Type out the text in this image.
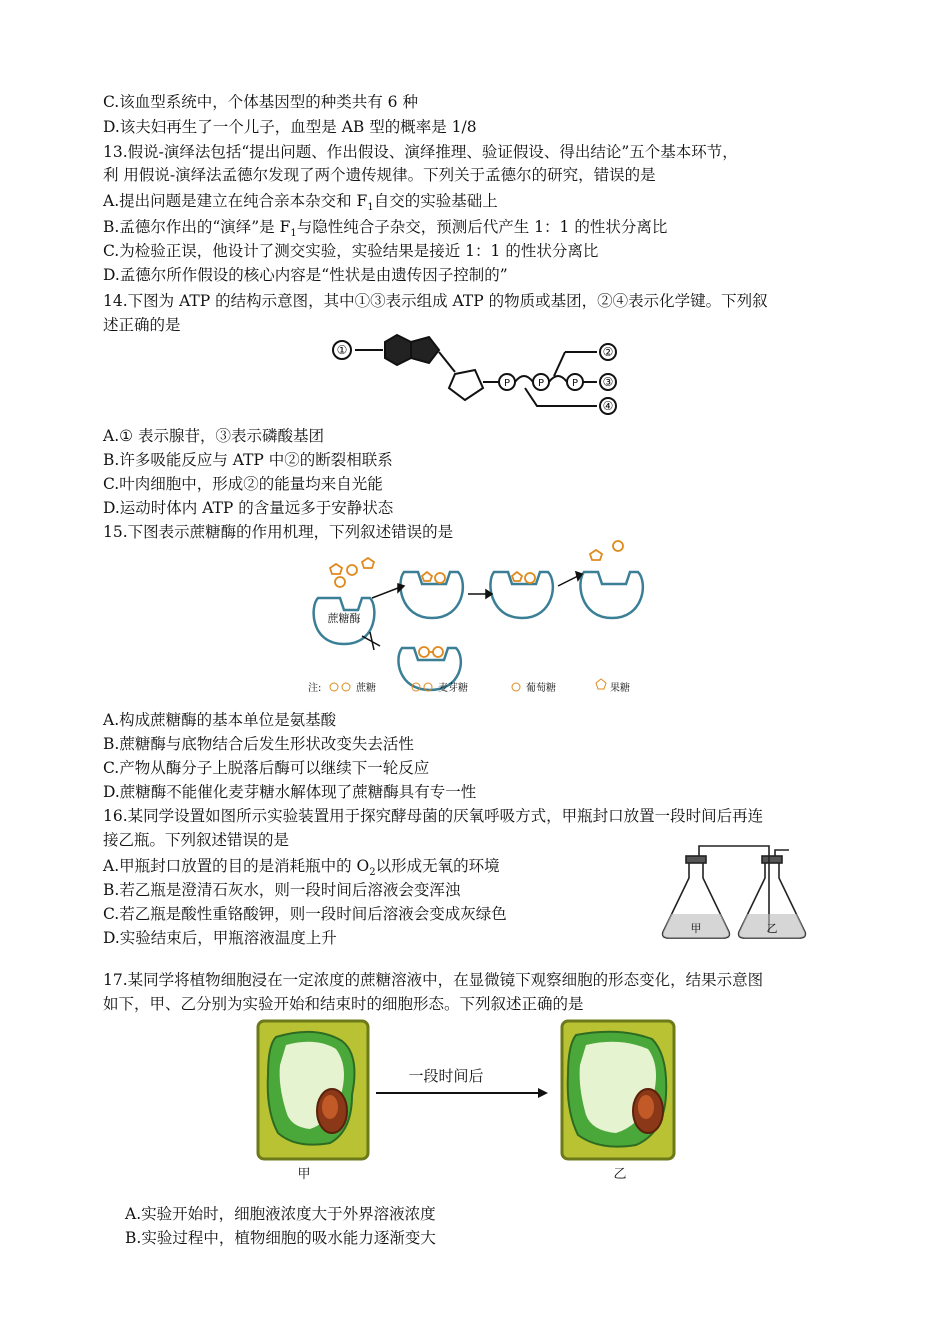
C.该血型系统中，个体基因型的种类共有 6 种
D.该夫妇再生了一个儿子，血型是 AB 型的概率是 1/8
13.假说-演绎法包括“提出问题、作出假设、演绎推理、验证假设、得出结论”五个基本环节，
利 用假说-演绎法孟德尔发现了两个遗传规律。下列关于孟德尔的研究，错误的是
A.提出问题是建立在纯合亲本杂交和 $F_1$自交的实验基础上
B.孟德尔作出的“演绎”是 $F_1$与隐性纯合子杂交，预测后代产生 1：1 的性状分离比
C.为检验正误，他设计了测交实验，实验结果是接近 1：1 的性状分离比
D.孟德尔所作假设的核心内容是“性状是由遗传因子控制的”
14.下图为 ATP 的结构示意图，其中①③表示组成 ATP 的物质或基团，②④表示化学键。下列叙
述正确的是
①
P	P	P
②
③
④
A.① 表示腺苷，③表示磷酸基团
B.许多吸能反应与 ATP 中②的断裂相联系
C.叶肉细胞中，形成②的能量均来自光能
D.运动时体内 ATP 的含量远多于安静状态
15.下图表示蔗糖酶的作用机理，下列叙述错误的是
蔗糖酶
注:	蔗糖	麦芽糖	葡萄糖	果糖
A.构成蔗糖酶的基本单位是氨基酸
B.蔗糖酶与底物结合后发生形状改变失去活性
C.产物从酶分子上脱落后酶可以继续下一轮反应
D.蔗糖酶不能催化麦芽糖水解体现了蔗糖酶具有专一性
16.某同学设置如图所示实验装置用于探究酵母菌的厌氧呼吸方式，甲瓶封口放置一段时间后再连
接乙瓶。下列叙述错误的是
A.甲瓶封口放置的目的是消耗瓶中的 $O_2$以形成无氧的环境
B.若乙瓶是澄清石灰水，则一段时间后溶液会变浑浊
C.若乙瓶是酸性重铬酸钾，则一段时间后溶液会变成灰绿色
D.实验结束后，甲瓶溶液温度上升
甲	乙
17.某同学将植物细胞浸在一定浓度的蔗糖溶液中，在显微镜下观察细胞的形态变化，结果示意图
如下，甲、乙分别为实验开始和结束时的细胞形态。下列叙述正确的是
甲
一段时间后
乙
A.实验开始时，细胞液浓度大于外界溶液浓度
B.实验过程中，植物细胞的吸水能力逐渐变大
